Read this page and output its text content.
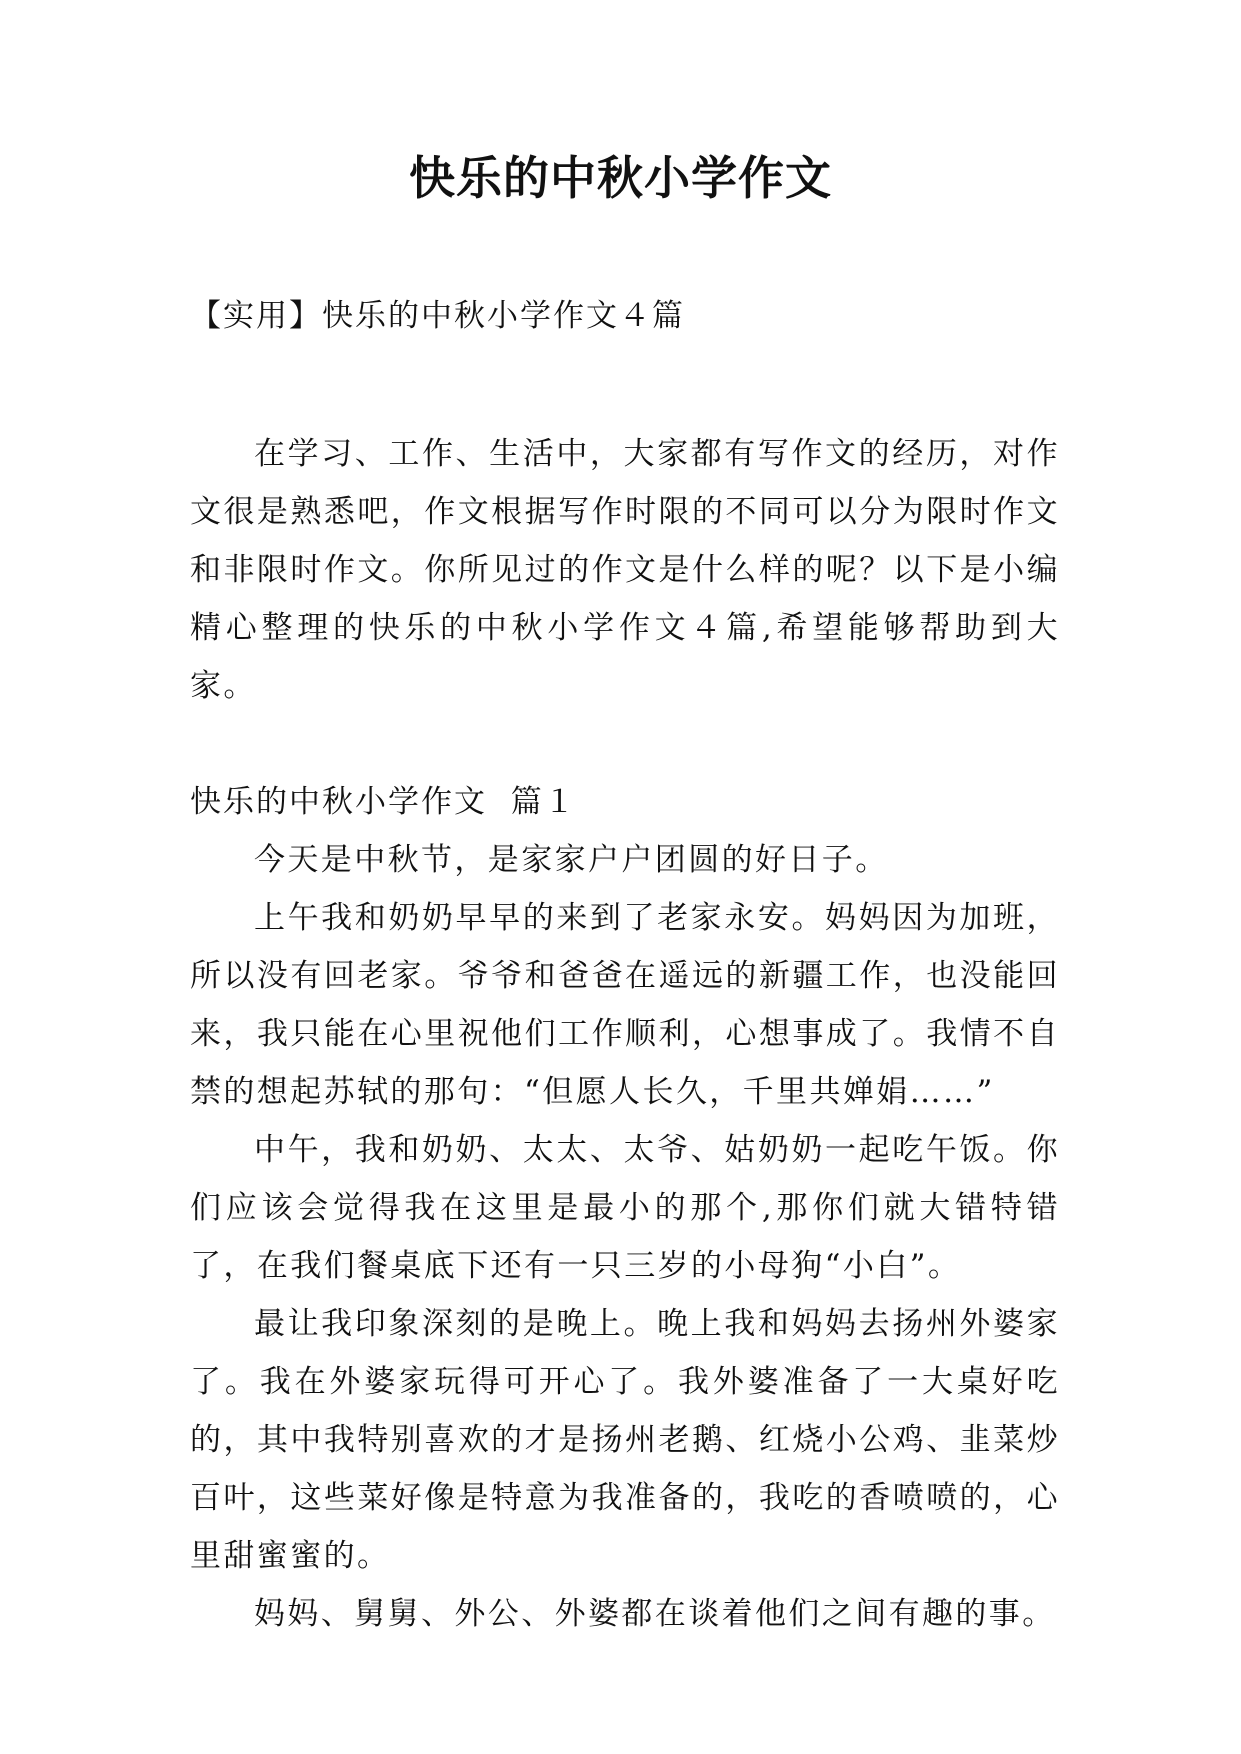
快乐的中秋小学作文

【实用】快乐的中秋小学作文４篇

在学习、工作、生活中，大家都有写作文的经历，对作文很是熟悉吧，作文根据写作时限的不同可以分为限时作文和非限时作文。你所见过的作文是什么样的呢？以下是小编精心整理的快乐的中秋小学作文４篇,希望能够帮助到大家。

快乐的中秋小学作文  篇１

今天是中秋节，是家家户户团圆的好日子。

上午我和奶奶早早的来到了老家永安。妈妈因为加班，所以没有回老家。爷爷和爸爸在遥远的新疆工作，也没能回来，我只能在心里祝他们工作顺利，心想事成了。我情不自禁的想起苏轼的那句：“但愿人长久，千里共婵娟……”

中午，我和奶奶、太太、太爷、姑奶奶一起吃午饭。你们应该会觉得我在这里是最小的那个,那你们就大错特错了，在我们餐桌底下还有一只三岁的小母狗“小白”。

最让我印象深刻的是晚上。晚上我和妈妈去扬州外婆家了。我在外婆家玩得可开心了。我外婆准备了一大桌好吃的，其中我特别喜欢的才是扬州老鹅、红烧小公鸡、韭菜炒百叶，这些菜好像是特意为我准备的，我吃的香喷喷的，心里甜蜜蜜的。

妈妈、舅舅、外公、外婆都在谈着他们之间有趣的事。
